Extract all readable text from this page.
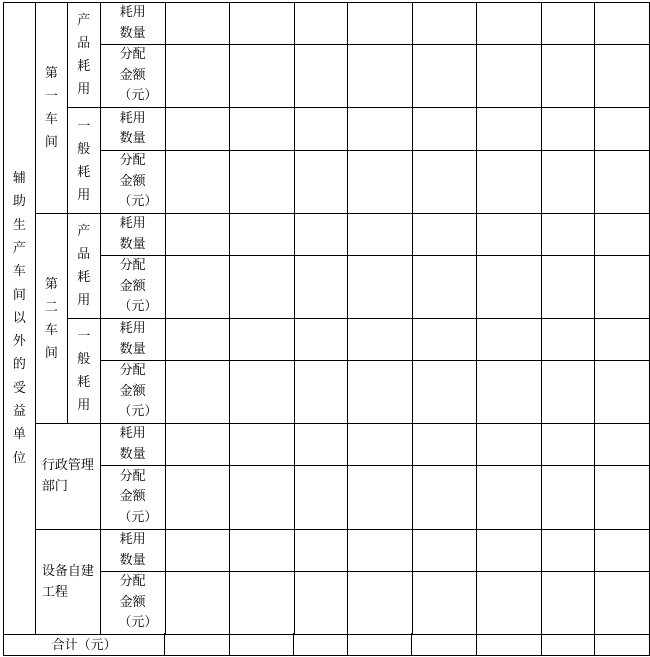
辅助生产车间以外的受益单位	第一车间	产品耗用	耗用数量								
			分配金额（元）								
		一般耗用	耗用数量								
			分配金额（元）								
	第二车间	产品耗用	耗用数量								
			分配金额（元）								
		一般耗用	耗用数量								
			分配金额（元）								
	行政管理部门		耗用数量								
			分配金额（元）								
	设备自建工程		耗用数量								
			分配金额（元）								
合计（元）								
